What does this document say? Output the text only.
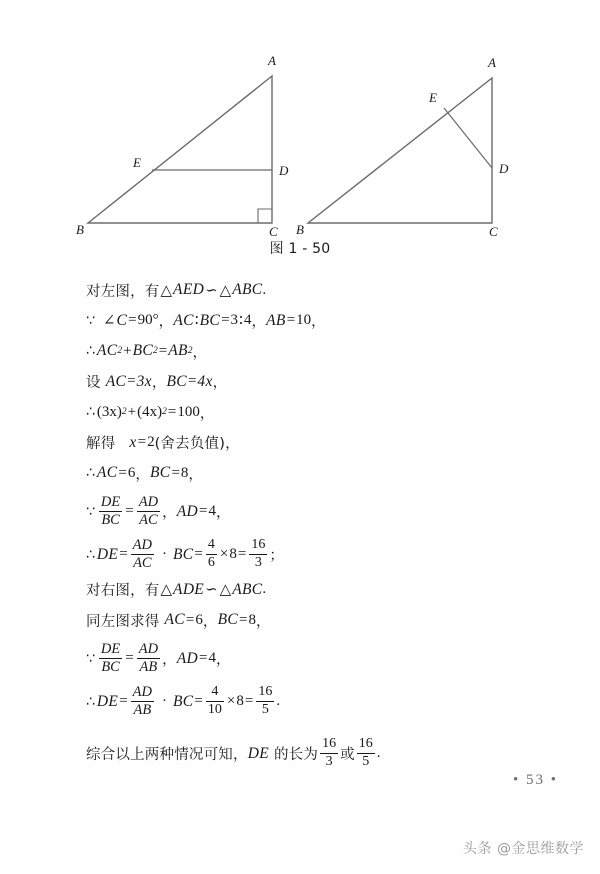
A
B	C
D
E
A
B	C
D
E
图 1 - 50
对左图，有 △ AED ∽ △ ABC .
∵ ∠ C = 90° ， AC ∶ BC = 3 ∶ 4 ， AB = 10 ，
∴ AC 2 + BC 2 = AB 2 ，
设 AC = 3x ， BC = 4x ，
∴ (3x) 2 + (4x) 2 = 100 ，
解得 x = 2 (舍去负值) ，
∴ AC = 6 ， BC = 8 ，
∵ $\frac{DE}{BC} = \frac{AD}{AC}$ ， AD = 4 ，
∴ DE = $\frac{AD}{AC}$ · BC = $\frac{4}{6} \times 8 = \frac{16}{3}$ ；
对右图，有 △ ADE ∽ △ ABC .
同左图求得 AC = 6 ， BC = 8 ，
∵ $\frac{DE}{BC} = \frac{AD}{AB}$ ， AD = 4 ，
∴ DE = $\frac{AD}{AB}$ · BC = $\frac{4}{10} \times 8 = \frac{16}{5}$ .
综合以上两种情况可知， DE 的长为 $\frac{16}{3}$ 或 $\frac{16}{5}$ .
• 53 •
头条 @金思维数学
